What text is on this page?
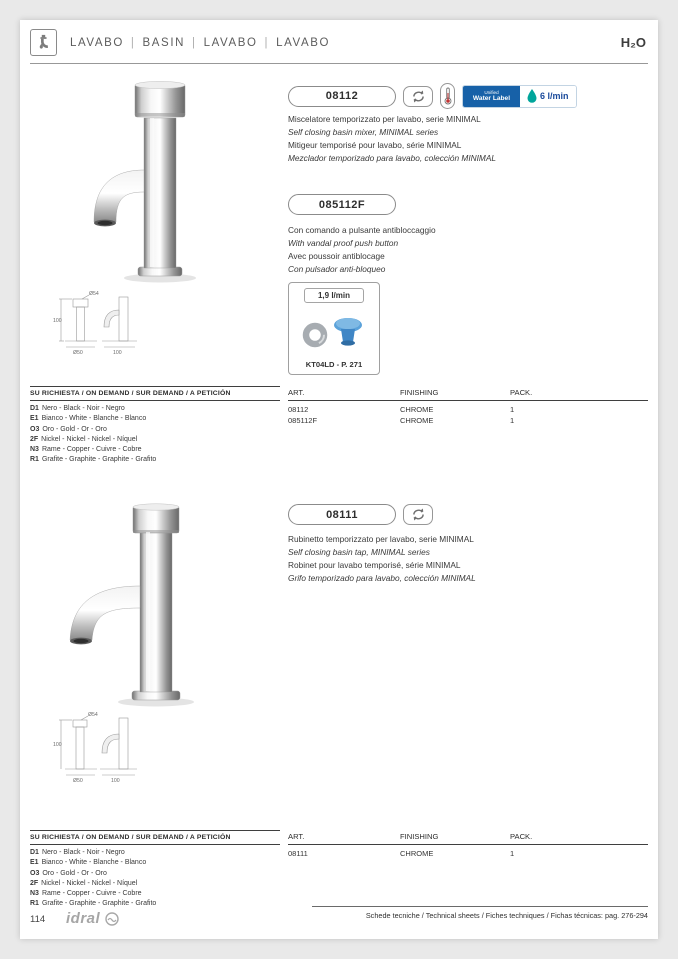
LAVABO | BASIN | LAVABO | LAVABO	H₂O
08112	Unified
Water Label	6 l/min
Miscelatore temporizzato per lavabo, serie MINIMAL
Self closing basin mixer, MINIMAL series
Mitigeur temporisé pour lavabo, série MINIMAL
Mezclador temporizado para lavabo, colección MINIMAL
085112F
Con comando a pulsante antibloccaggio
With vandal proof push button
Avec poussoir antiblocage
Con pulsador anti-bloqueo
1,9 l/min
KT04LD - P. 271
Ø54
100
Ø50	100
SU RICHIESTA / ON DEMAND / SUR DEMAND / A PETICIÓN
D1 Nero - Black - Noir - Negro
E1 Bianco - White - Blanche - Blanco
O3 Oro - Gold - Or - Oro
2F Nickel - Nickel - Nickel - Níquel
N3 Rame - Copper - Cuivre - Cobre
R1 Grafite - Graphite - Graphite - Grafito
ART.	FINISHING	PACK.
08112	CHROME	1
085112F	CHROME	1
08111
Rubinetto temporizzato per lavabo, serie MINIMAL
Self closing basin tap, MINIMAL series
Robinet pour lavabo temporisé, série MINIMAL
Grifo temporizado para lavabo, colección MINIMAL
Ø54
100
Ø50	100
SU RICHIESTA / ON DEMAND / SUR DEMAND / A PETICIÓN
D1 Nero - Black - Noir - Negro
E1 Bianco - White - Blanche - Blanco
O3 Oro - Gold - Or - Oro
2F Nickel - Nickel - Nickel - Níquel
N3 Rame - Copper - Cuivre - Cobre
R1 Grafite - Graphite - Graphite - Grafito
ART.	FINISHING	PACK.
08111	CHROME	1
114 idral	Schede tecniche / Technical sheets / Fiches techniques / Fichas técnicas: pag. 276-294
